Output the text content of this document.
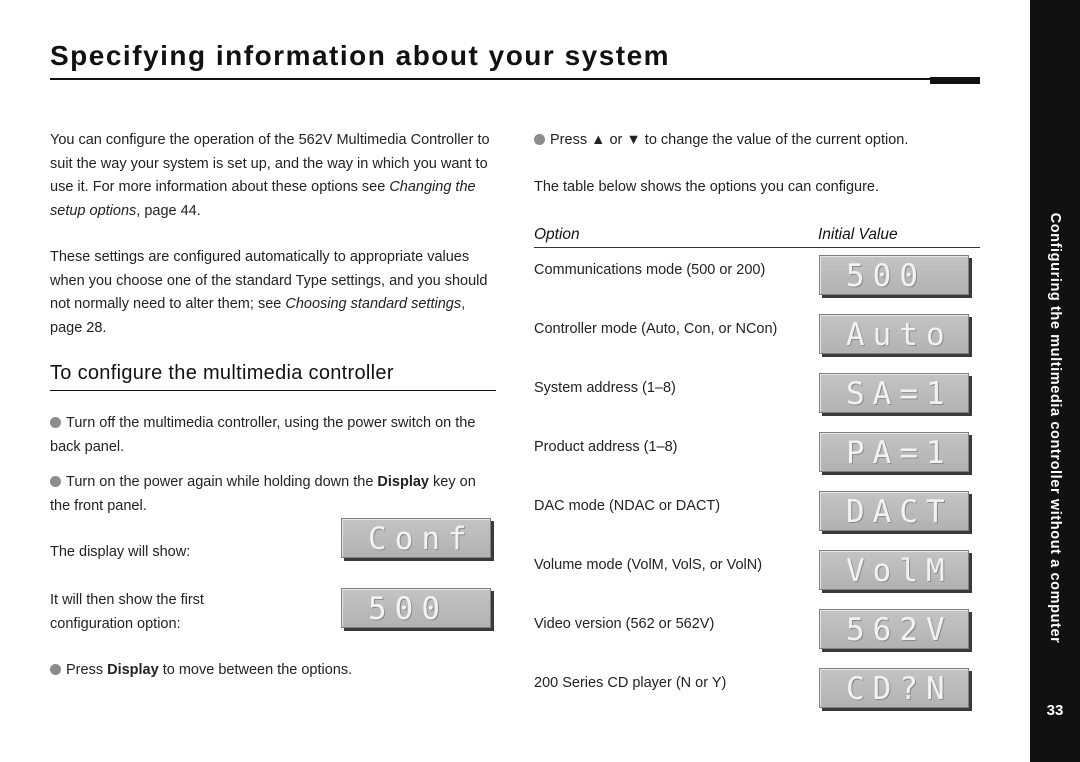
Specifying information about your system
You can configure the operation of the 562V Multimedia Controller to suit the way your system is set up, and the way in which you want to use it. For more information about these options see Changing the setup options, page 44.
These settings are configured automatically to appropriate values when you choose one of the standard Type settings, and you should not normally need to alter them; see Choosing standard settings, page 28.
To configure the multimedia controller
Turn off the multimedia controller, using the power switch on the back panel.
Turn on the power again while holding down the Display key on the front panel.
The display will show:	Conf
It will then show the first configuration option:	500
Press Display to move between the options.
Press ▲ or ▼ to change the value of the current option.
The table below shows the options you can configure.
Option	Initial Value
Communications mode (500 or 200)	500
Controller mode (Auto, Con, or NCon)	Auto
System address (1–8)	SA=1
Product address (1–8)	PA=1
DAC mode (NDAC or DACT)	DACT
Volume mode (VolM, VolS, or VolN)	VolM
Video version (562 or 562V)	562V
200 Series CD player (N or Y)	CD?N
Configuring the multimedia controller without a computer
33
